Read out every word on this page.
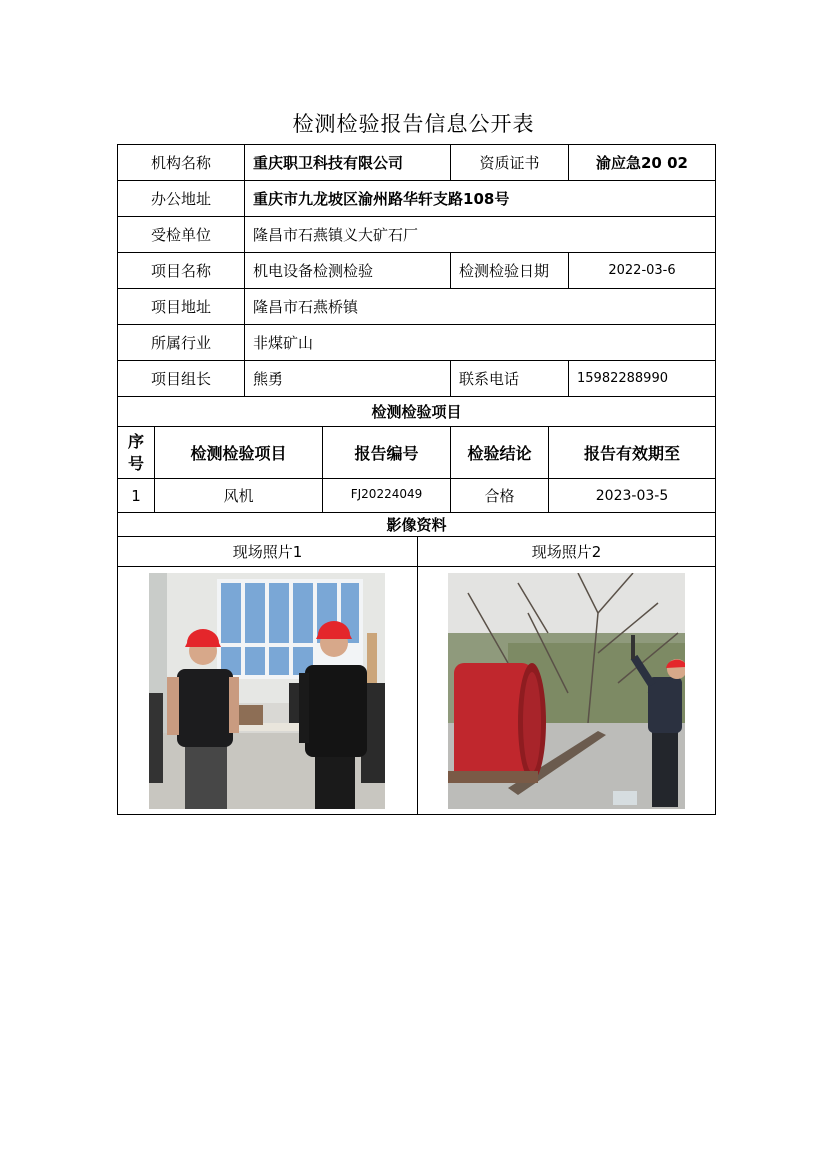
检测检验报告信息公开表
机构名称	重庆职卫科技有限公司	资质证书	渝应急20 02
办公地址	重庆市九龙坡区渝州路华轩支路108号
受检单位	隆昌市石燕镇义大矿石厂
项目名称	机电设备检测检验	检测检验日期	2022-03-6
项目地址	隆昌市石燕桥镇
所属行业	非煤矿山
项目组长	熊勇	联系电话	15982288990
检测检验项目
序号	检测检验项目	报告编号	检验结论	报告有效期至
1	风机	FJ20224049	合格	2023-03-5
影像资料
现场照片1	现场照片2
